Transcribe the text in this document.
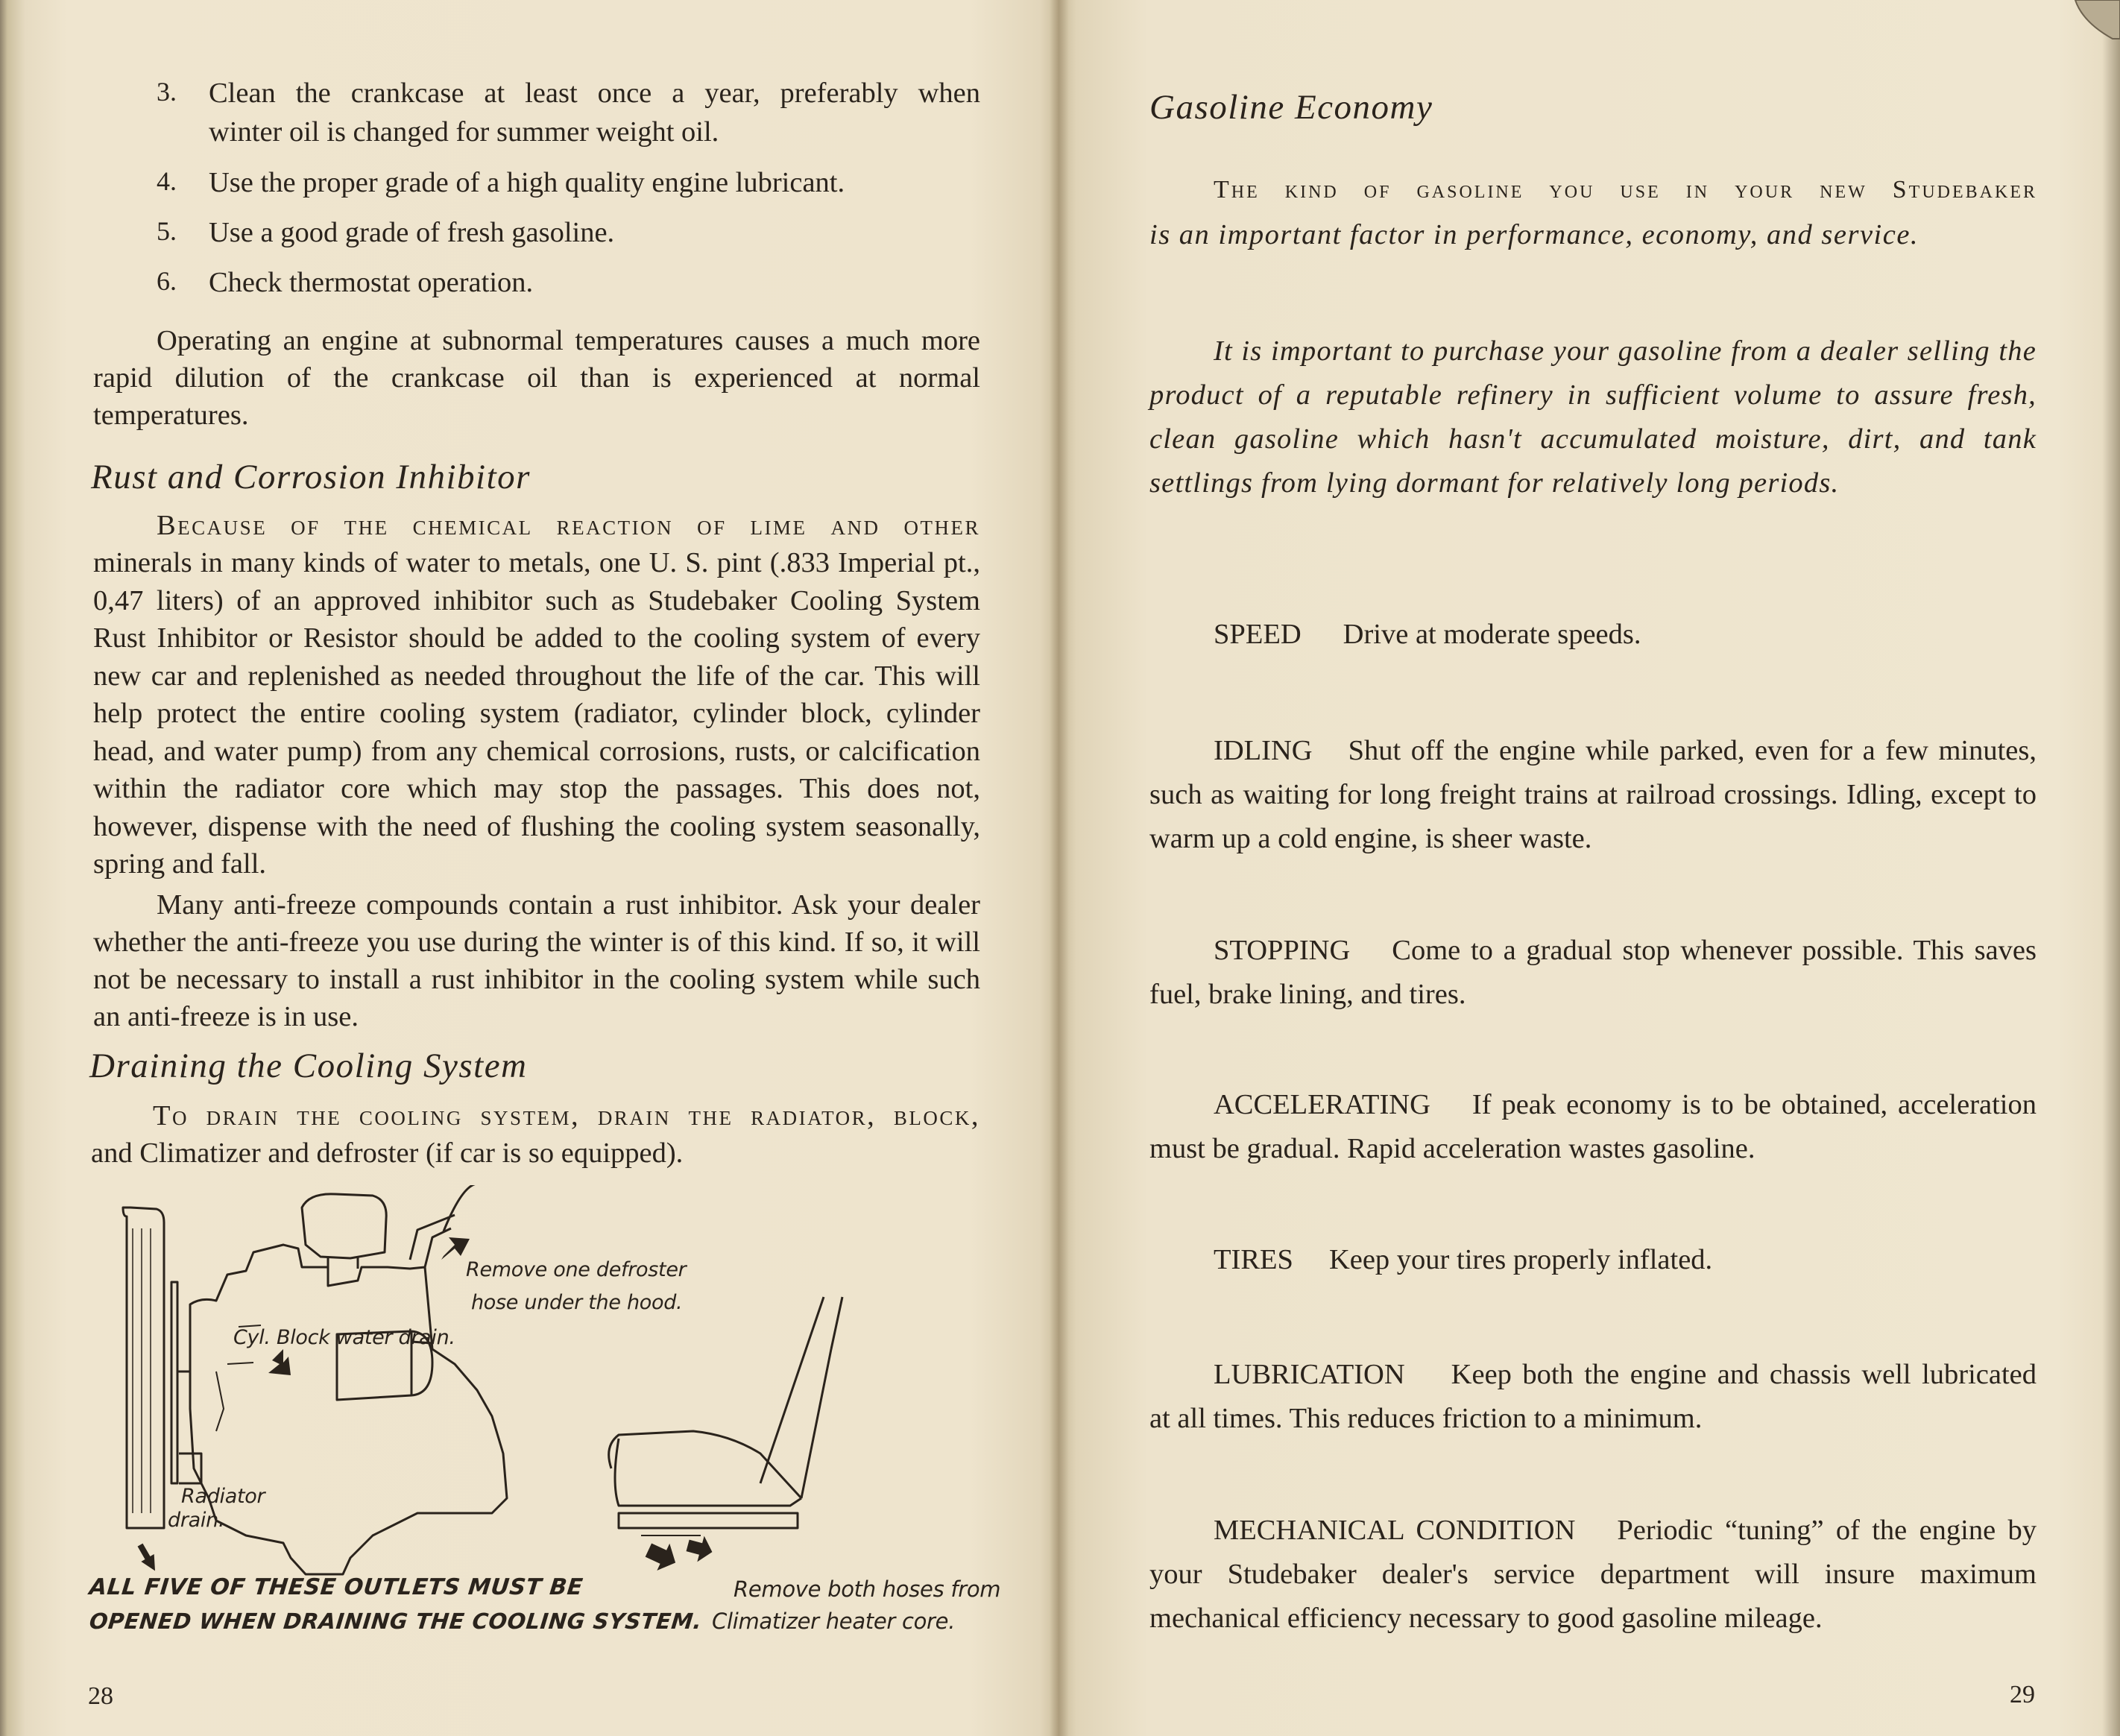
3. Clean the crankcase at least once a year, preferably when
winter oil is changed for summer weight oil.
4. Use the proper grade of a high quality engine lubricant.
5. Use a good grade of fresh gasoline.
6. Check thermostat operation.
Operating an engine at subnormal temperatures causes a much more rapid dilution of the crankcase oil than is experienced at normal temperatures.
Rust and Corrosion Inhibitor
Because of the chemical reaction of lime and other
minerals in many kinds of water to metals, one U. S. pint (.833 Imperial pt., 0,47 liters) of an approved inhibitor such as Studebaker Cooling System Rust Inhibitor or Resistor should be added to the cooling system of every new car and replenished as needed throughout the life of the car. This will help protect the entire cooling system (radiator, cylinder block, cylinder head, and water pump) from any chemical corrosions, rusts, or calcification within the radiator core which may stop the passages. This does not, however, dispense with the need of flushing the cooling system seasonally, spring and fall.
Many anti-freeze compounds contain a rust inhibitor. Ask your dealer whether the anti-freeze you use during the winter is of this kind. If so, it will not be necessary to install a rust inhibitor in the cooling system while such an anti-freeze is in use.
Draining the Cooling System
To drain the cooling system, drain the radiator, block,
and Climatizer and defroster (if car is so equipped).
Remove one defroster
hose under the hood.
Cyl. Block water drain.
Radiator
drain.
Remove both hoses from
Climatizer heater core.
ALL FIVE OF THESE OUTLETS MUST BE
OPENED WHEN DRAINING THE COOLING SYSTEM.
28
Gasoline Economy
The kind of gasoline you use in your new Studebaker
is an important factor in performance, economy, and service.
It is important to purchase your gasoline from a dealer selling the product of a reputable refinery in sufficient volume to assure fresh, clean gasoline which hasn't accumulated moisture, dirt, and tank settlings from lying dormant for relatively long periods.
SPEED Drive at moderate speeds.
IDLING Shut off the engine while parked, even for a few minutes, such as waiting for long freight trains at railroad crossings. Idling, except to warm up a cold engine, is sheer waste.
STOPPING Come to a gradual stop whenever possible. This saves fuel, brake lining, and tires.
ACCELERATING If peak economy is to be obtained, acceleration must be gradual. Rapid acceleration wastes gasoline.
TIRES Keep your tires properly inflated.
LUBRICATION Keep both the engine and chassis well lubricated at all times. This reduces friction to a minimum.
MECHANICAL CONDITION Periodic “tuning” of the engine by your Studebaker dealer's service department will insure maximum mechanical efficiency necessary to good gasoline mileage.
29
